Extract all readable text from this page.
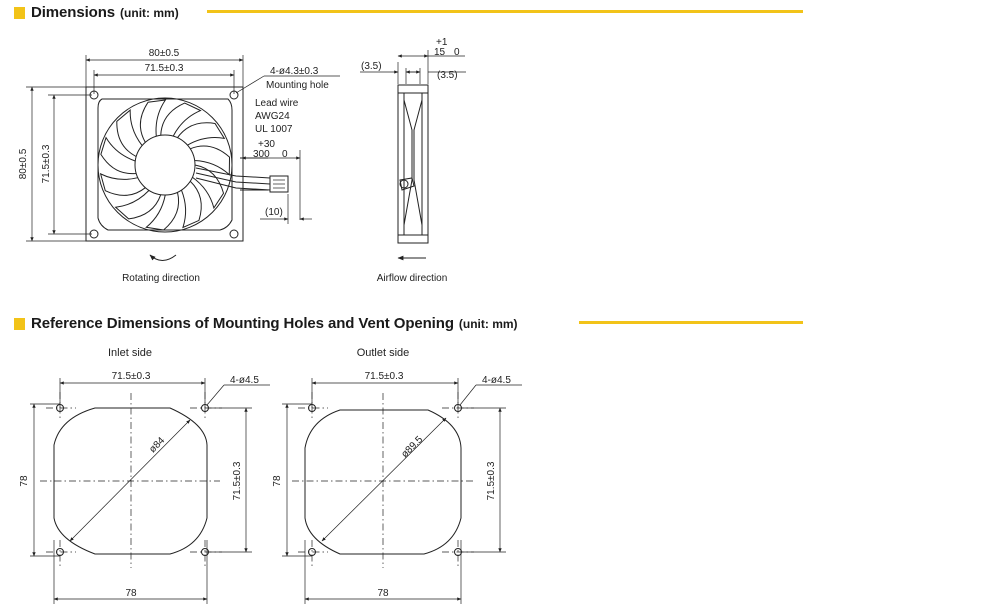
Dimensions (unit: mm)
Reference Dimensions of Mounting Holes and Vent Opening (unit: mm)
80±0.5
71.5±0.3
80±0.5 71.5±0.3
+30
300 0
(10)
4-ø4.3±0.3
Mounting hole
Lead wire
AWG24
UL 1007
Rotating direction
+1
15 0
(3.5)
(3.5)
Airflow direction
Inlet side
71.5±0.3	4-ø4.5
ø84
71.5±0.3
78
78
Outlet side
71.5±0.3	4-ø4.5
ø89.5
71.5±0.3
78
78
